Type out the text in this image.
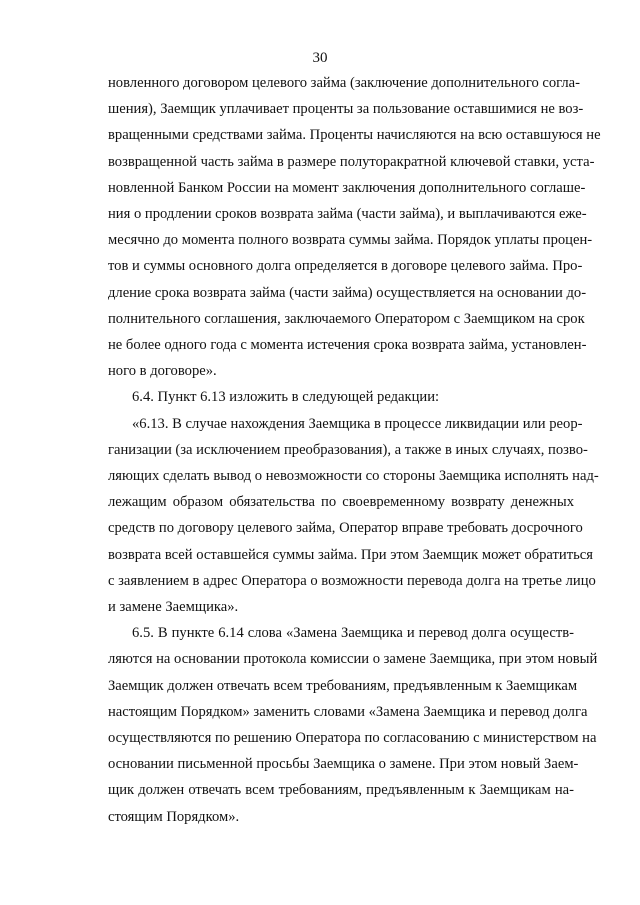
30
новленного договором целевого займа (заключение дополнительного согла-
шения), Заемщик уплачивает проценты за пользование оставшимися не воз-
вращенными средствами займа. Проценты начисляются на всю оставшуюся не
возвращенной часть займа в размере полуторакратной ключевой ставки, уста-
новленной Банком России на момент заключения дополнительного соглаше-
ния о продлении сроков возврата займа (части займа), и выплачиваются еже-
месячно до момента полного возврата суммы займа. Порядок уплаты процен-
тов и суммы основного долга определяется в договоре целевого займа. Про-
дление срока возврата займа (части займа) осуществляется на основании до-
полнительного соглашения, заключаемого Оператором с Заемщиком на срок
не более одного года с момента истечения срока возврата займа, установлен-
ного в договоре».
6.4. Пункт 6.13 изложить в следующей редакции:
«6.13. В случае нахождения Заемщика в процессе ликвидации или реор-
ганизации (за исключением преобразования), а также в иных случаях, позво-
ляющих сделать вывод о невозможности со стороны Заемщика исполнять над-
лежащим образом обязательства по своевременному возврату денежных
средств по договору целевого займа, Оператор вправе требовать досрочного
возврата всей оставшейся суммы займа. При этом Заемщик может обратиться
с заявлением в адрес Оператора о возможности перевода долга на третье лицо
и замене Заемщика».
6.5. В пункте 6.14 слова «Замена Заемщика и перевод долга осуществ-
ляются на основании протокола комиссии о замене Заемщика, при этом новый
Заемщик должен отвечать всем требованиям, предъявленным к Заемщикам
настоящим Порядком» заменить словами «Замена Заемщика и перевод долга
осуществляются по решению Оператора по согласованию с министерством на
основании письменной просьбы Заемщика о замене. При этом новый Заем-
щик должен отвечать всем требованиям, предъявленным к Заемщикам на-
стоящим Порядком».
